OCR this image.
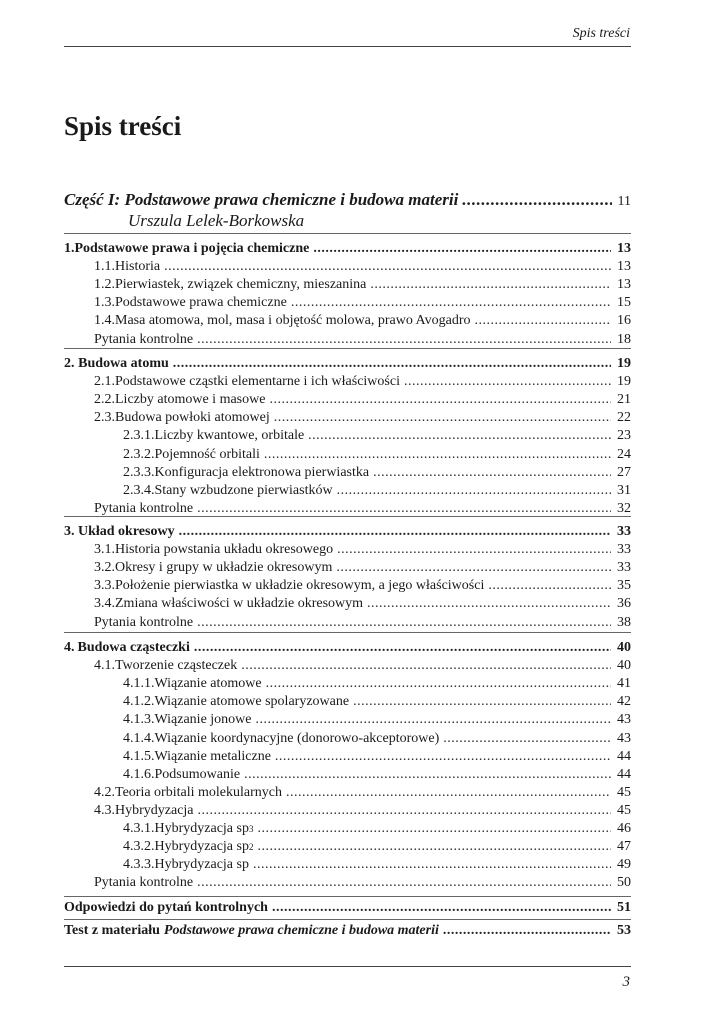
Spis treści
Spis treści
Część I: Podstawowe prawa chemiczne i budowa materii .....	11
Urszula Lelek-Borkowska
1. Podstawowe prawa i pojęcia chemiczne .....	13
1.1. Historia .....	13
1.2. Pierwiastek, związek chemiczny, mieszanina .....	13
1.3. Podstawowe prawa chemiczne .....	15
1.4. Masa atomowa, mol, masa i objętość molowa, prawo Avogadro .....	16
Pytania kontrolne .....	18
2. Budowa atomu .....	19
2.1. Podstawowe cząstki elementarne i ich właściwości .....	19
2.2. Liczby atomowe i masowe .....	21
2.3. Budowa powłoki atomowej .....	22
2.3.1. Liczby kwantowe, orbitale .....	23
2.3.2. Pojemność orbitali .....	24
2.3.3. Konfiguracja elektronowa pierwiastka .....	27
2.3.4. Stany wzbudzone pierwiastków .....	31
Pytania kontrolne .....	32
3. Układ okresowy .....	33
3.1. Historia powstania układu okresowego .....	33
3.2. Okresy i grupy w układzie okresowym .....	33
3.3. Położenie pierwiastka w układzie okresowym, a jego właściwości .....	35
3.4. Zmiana właściwości w układzie okresowym .....	36
Pytania kontrolne .....	38
4. Budowa cząsteczki .....	40
4.1. Tworzenie cząsteczek .....	40
4.1.1. Wiązanie atomowe .....	41
4.1.2. Wiązanie atomowe spolaryzowane .....	42
4.1.3. Wiązanie jonowe .....	43
4.1.4. Wiązanie koordynacyjne (donorowo-akceptorowe) .....	43
4.1.5. Wiązanie metaliczne .....	44
4.1.6. Podsumowanie .....	44
4.2. Teoria orbitali molekularnych .....	45
4.3. Hybrydyzacja .....	45
4.3.1. Hybrydyzacja sp 3 .....	46
4.3.2. Hybrydyzacja sp 2 .....	47
4.3.3. Hybrydyzacja sp .....	49
Pytania kontrolne .....	50
Odpowiedzi do pytań kontrolnych .....	51
Test z materiału Podstawowe prawa chemiczne i budowa materii .....	53
3
